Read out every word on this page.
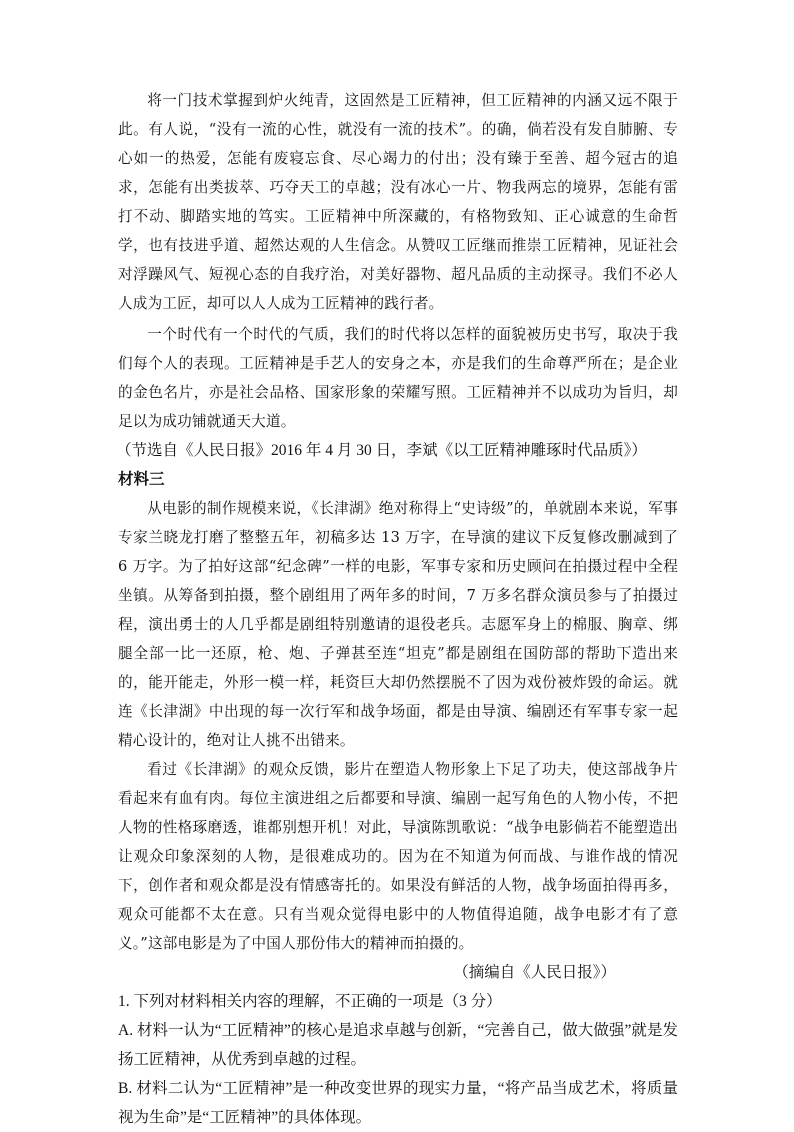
将一门技术掌握到炉火纯青，这固然是工匠精神，但工匠精神的内涵又远不限于此。有人说，“没有一流的心性，就没有一流的技术”。的确，倘若没有发自肺腑、专心如一的热爱，怎能有废寝忘食、尽心竭力的付出；没有臻于至善、超今冠古的追求，怎能有出类拔萃、巧夺天工的卓越；没有冰心一片、物我两忘的境界，怎能有雷打不动、脚踏实地的笃实。工匠精神中所深藏的，有格物致知、正心诚意的生命哲学，也有技进乎道、超然达观的人生信念。从赞叹工匠继而推崇工匠精神，见证社会对浮躁风气、短视心态的自我疗治，对美好器物、超凡品质的主动探寻。我们不必人人成为工匠，却可以人人成为工匠精神的践行者。

一个时代有一个时代的气质，我们的时代将以怎样的面貌被历史书写，取决于我们每个人的表现。工匠精神是手艺人的安身之本，亦是我们的生命尊严所在；是企业的金色名片，亦是社会品格、国家形象的荣耀写照。工匠精神并不以成功为旨归，却足以为成功铺就通天大道。

（节选自《人民日报》2016 年 4 月 30 日，李斌《以工匠精神雕琢时代品质》）

材料三

从电影的制作规模来说，《长津湖》绝对称得上“史诗级”的，单就剧本来说，军事专家兰晓龙打磨了整整五年，初稿多达 13 万字，在导演的建议下反复修改删减到了 6 万字。为了拍好这部“纪念碑”一样的电影，军事专家和历史顾问在拍摄过程中全程坐镇。从筹备到拍摄，整个剧组用了两年多的时间，7 万多名群众演员参与了拍摄过程，演出勇士的人几乎都是剧组特别邀请的退役老兵。志愿军身上的棉服、胸章、绑腿全部一比一还原，枪、炮、子弹甚至连“坦克”都是剧组在国防部的帮助下造出来的，能开能走，外形一模一样，耗资巨大却仍然摆脱不了因为戏份被炸毁的命运。就连《长津湖》中出现的每一次行军和战争场面，都是由导演、编剧还有军事专家一起精心设计的，绝对让人挑不出错来。

看过《长津湖》的观众反馈，影片在塑造人物形象上下足了功夫，使这部战争片看起来有血有肉。每位主演进组之后都要和导演、编剧一起写角色的人物小传，不把人物的性格琢磨透，谁都别想开机！对此，导演陈凯歌说：“战争电影倘若不能塑造出让观众印象深刻的人物，是很难成功的。因为在不知道为何而战、与谁作战的情况下，创作者和观众都是没有情感寄托的。如果没有鲜活的人物，战争场面拍得再多，观众可能都不太在意。只有当观众觉得电影中的人物值得追随，战争电影才有了意义。”这部电影是为了中国人那份伟大的精神而拍摄的。

（摘编自《人民日报》）

1. 下列对材料相关内容的理解，不正确的一项是（3 分）

A. 材料一认为“工匠精神”的核心是追求卓越与创新，“完善自己，做大做强”就是发扬工匠精神，从优秀到卓越的过程。

B. 材料二认为“工匠精神”是一种改变世界的现实力量，“将产品当成艺术，将质量视为生命”是“工匠精神”的具体体现。
